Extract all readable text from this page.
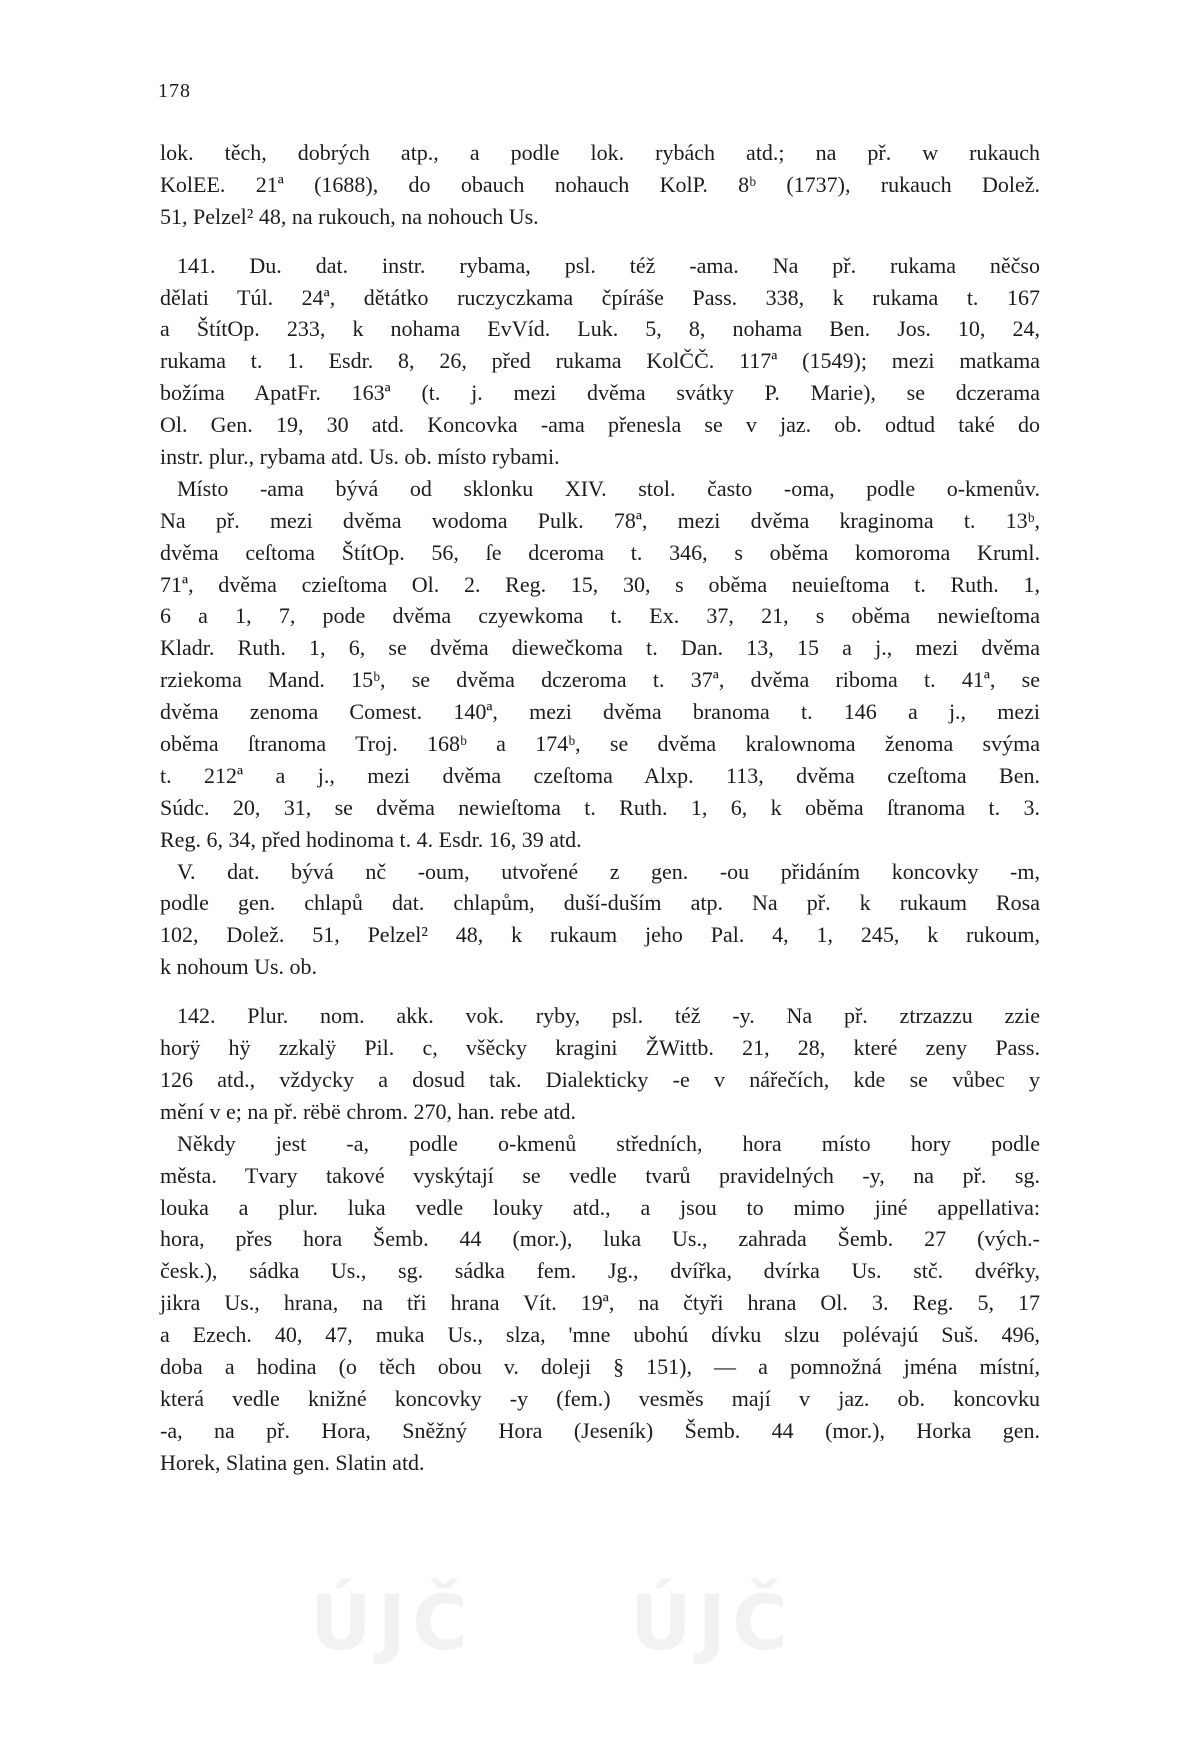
178
lok. těch, dobrých atp., a podle lok. rybách atd.; na př. w rukauch
KolEE. 21ª (1688), do obauch nohauch KolP. 8ᵇ (1737), rukauch Dolež.
51, Pelzel² 48, na rukouch, na nohouch Us.
141. Du. dat. instr. rybama, psl. též -ama. Na př. rukama něčso
dělati Túl. 24ª, dětátko ruczyczkama čpíráše Pass. 338, k rukama t. 167
a ŠtítOp. 233, k nohama EvVíd. Luk. 5, 8, nohama Ben. Jos. 10, 24,
rukama t. 1. Esdr. 8, 26, před rukama KolČČ. 117ª (1549); mezi matkama
božíma ApatFr. 163ª (t. j. mezi dvěma svátky P. Marie), se dczerama
Ol. Gen. 19, 30 atd. Koncovka -ama přenesla se v jaz. ob. odtud také do
instr. plur., rybama atd. Us. ob. místo rybami.
Místo -ama bývá od sklonku XIV. stol. často -oma, podle o-kmenův.
Na př. mezi dvěma wodoma Pulk. 78ª, mezi dvěma kraginoma t. 13ᵇ,
dvěma ceſtoma ŠtítOp. 56, ſe dceroma t. 346, s oběma komoroma Kruml.
71ª, dvěma czieſtoma Ol. 2. Reg. 15, 30, s oběma neuieſtoma t. Ruth. 1,
6 a 1, 7, pode dvěma czyewkoma t. Ex. 37, 21, s oběma newieſtoma
Kladr. Ruth. 1, 6, se dvěma diewečkoma t. Dan. 13, 15 a j., mezi dvěma
rziekoma Mand. 15ᵇ, se dvěma dczeroma t. 37ª, dvěma riboma t. 41ª, se
dvěma zenoma Comest. 140ª, mezi dvěma branoma t. 146 a j., mezi
oběma ſtranoma Troj. 168ᵇ a 174ᵇ, se dvěma kralownoma ženoma svýma
t. 212ª a j., mezi dvěma czeſtoma Alxp. 113, dvěma czeſtoma Ben.
Súdc. 20, 31, se dvěma newieſtoma t. Ruth. 1, 6, k oběma ſtranoma t. 3.
Reg. 6, 34, před hodinoma t. 4. Esdr. 16, 39 atd.
V. dat. bývá nč -oum, utvořené z gen. -ou přidáním koncovky -m,
podle gen. chlapů dat. chlapům, duší-duším atp. Na př. k rukaum Rosa
102, Dolež. 51, Pelzel² 48, k rukaum jeho Pal. 4, 1, 245, k rukoum,
k nohoum Us. ob.
142. Plur. nom. akk. vok. ryby, psl. též -y. Na př. ztrzazzu zzie
horÿ hÿ zzkalÿ Pil. c, všěcky kragini ŽWittb. 21, 28, které zeny Pass.
126 atd., vždycky a dosud tak. Dialekticky -e v nářečích, kde se vůbec y
mění v e; na př. rëbë chrom. 270, han. rebe atd.
Někdy jest -a, podle o-kmenů středních, hora místo hory podle
města. Tvary takové vyskýtají se vedle tvarů pravidelných -y, na př. sg.
louka a plur. luka vedle louky atd., a jsou to mimo jiné appellativa:
hora, přes hora Šemb. 44 (mor.), luka Us., zahrada Šemb. 27 (vých.-
česk.), sádka Us., sg. sádka fem. Jg., dvířka, dvírka Us. stč. dvéřky,
jikra Us., hrana, na tři hrana Vít. 19ª, na čtyři hrana Ol. 3. Reg. 5, 17
a Ezech. 40, 47, muka Us., slza, 'mne ubohú dívku slzu polévajú Suš. 496,
doba a hodina (o těch obou v. doleji § 151), — a pomnožná jména místní,
která vedle knižné koncovky -y (fem.) vesměs mají v jaz. ob. koncovku
-a, na př. Hora, Sněžný Hora (Jeseník) Šemb. 44 (mor.), Horka gen.
Horek, Slatina gen. Slatin atd.
ÚJČ ÚJČ
